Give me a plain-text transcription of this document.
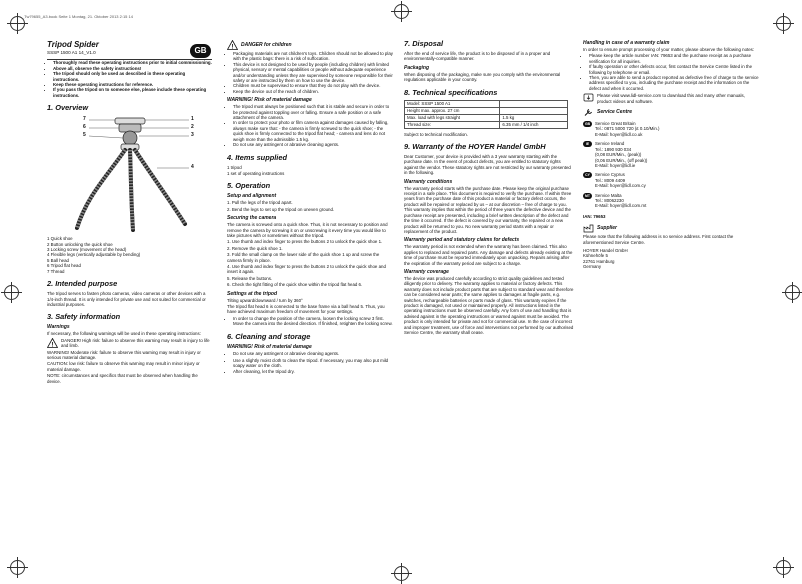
_Tw79655_A3.book Seite 1 Montag, 21. Oktober 2013 2:15 14
GB
Tripod Spider
SSSP 1500 A1 14_V1.0
• Thoroughly read these operating instructions prior to initial commissioning.
• Above all, observe the safety instructions!
• The tripod should only be used as described in these operating instructions.
• Keep these operating instructions for reference.
• If you pass the tripod on to someone else, please include these operating instructions.
1. Overview
7
6
5
1
2
3
4
1 Quick shoe
2 Button unlocking the quick shoe
3 Locking screw (movement of the head)
4 Flexible legs (vertically adjustable by bending)
5 Ball head
6 Tripod flat head
7 Thread
2. Intended purpose

The tripod serves to fasten photo cameras, video cameras or other devices with a 1/4-inch thread. It is only intended for private use and not suited for commercial or industrial purposes.

3. Safety information
Warnings

If necessary, the following warnings will be used in these operating instructions:

!
DANGER! High risk: failure to observe this warning may result in injury to life and limb.

WARNING! Moderate risk: failure to observe this warning may result in injury or serious material damage.

CAUTION: low risk: failure to observe this warning may result in minor injury or material damage.

NOTE: circumstances and specifics that must be observed when handling the device.

! DANGER for children
• Packaging materials are not children's toys. Children should not be allowed to play with the plastic bags: there is a risk of suffocation.
• This device is not designed to be used by people (including children) with limited physical, sensory or mental capabilities or people without adequate experience and/or understanding unless they are supervised by someone responsible for their safety or are instructed by them on how to use the device.
• Children must be supervised to ensure that they do not play with the device.
• Keep the device out of the reach of children.
WARNING! Risk of material damage
• The tripod must always be positioned such that it is stable and secure in order to be protected against toppling over or falling. Ensure a safe position or a safe attachment of the camera.
• In order to protect your photo or film camera against damages caused by falling, always make sure that: - the camera is firmly screwed to the quick shoe; - the quick shoe is firmly connected to the tripod flat head; - camera and lens do not weigh more than the admissible 1.5 kg.
• Do not use any astringent or abrasive cleaning agents.
4. Items supplied

1 tripod

1 set of operating instructions

5. Operation
Setup and alignment

1. Pull the legs of the tripod apart.

2. Bend the legs to set up the tripod on uneven ground.

Securing the camera

The camera is screwed onto a quick shoe. Thus, it is not necessary to position and remove the camera by screwing it on or unscrewing it every time you would like to take pictures with or sometimes without the tripod.

1. Use thumb and index finger to press the buttons 2 to unlock the quick shoe 1.

2. Remove the quick shoe 1.

3. Fold the small clamp on the lower side of the quick shoe 1 up and screw the camera firmly in place.

4. Use thumb and index finger to press the buttons 2 to unlock the quick shoe and insert it again.

5. Release the buttons.

6. Check the tight fitting of the quick shoe within the tripod flat head 6.

Settings at the tripod

Tilting upward/downward / turn by 360°

The tripod flat head 6 is connected to the base frame via a ball head 5. Thus, you have achieved maximum freedom of movement for your settings.

• In order to change the position of the camera, loosen the locking screw 3 first. Move the camera into the desired direction. If finished, retighten the locking screw.
6. Cleaning and storage
WARNING! Risk of material damage
• Do not use any astringent or abrasive cleaning agents.
• Use a slightly moist cloth to clean the tripod. If necessary, you may also put mild soapy water on the cloth.
• After cleaning, let the tripod dry.
7. Disposal

After the end of service life, the product is to be disposed of in a proper and environmentally-compatible manner.

Packaging

When disposing of the packaging, make sure you comply with the environmental regulations applicable in your country.

8. Technical specifications
Model: SSSP 1500 A1	
Height max. approx. 27 cm	
Max. load with legs straight	1.5 kg
Thread size:	6.35 mm / 1/4 inch

Subject to technical modification.

9. Warranty of the HOYER Handel GmbH

Dear Customer, your device is provided with a 3 year warranty starting with the purchase date. In the event of product defects, you are entitled to statutory rights against the vendor. These statutory rights are not restricted by our warranty presented in the following.

Warranty conditions

The warranty period starts with the purchase date. Please keep the original purchase receipt in a safe place. This document is required to verify the purchase. If within three years from the purchase date of this product a material or factory defect occurs, the product will be repaired or replaced by us – at our discretion – free of charge to you. This warranty implies that within the period of three years the defective device and the purchase receipt are presented, including a brief written description of the defect and the time it occurred. If the defect is covered by our warranty, the repaired or a new product will be returned to you. No new warranty period starts with a repair or replacement of the product.

Warranty period and statutory claims for defects

The warranty period is not extended when the warranty has been claimed. This also applies to replaced and repaired parts. Any damage and defects already existing at the time of purchase must be reported immediately upon unpacking. Repairs arising after the expiration of the warranty period are subject to a charge.

Warranty coverage

The device was produced carefully according to strict quality guidelines and tested diligently prior to delivery. The warranty applies to material or factory defects. This warranty does not include product parts that are subject to standard wear and therefore can be considered wear parts; the same applies to damages at fragile parts, e.g. switches, rechargeable batteries or parts made of glass. This warranty expires if the product is damaged, not used or maintained properly. All instructions listed in the operating instructions must be observed carefully. Any form of use and handling that is advised against in the operating instructions or warned against must be avoided. The product is only intended for private and not for commercial use. In the case of incorrect and improper treatment, use of force and interventions not performed by our authorised Service Centre, the warranty shall cease.

Handling in case of a warranty claim

In order to ensure prompt processing of your matter, please observe the following notes:

• Please keep the article number IAN: 79653 and the purchase receipt as a purchase verification for all inquiries.
• If faulty operation or other defects occur, first contact the Service Centre listed in the following by telephone or email.
• Then, you are able to send a product reported as defective free of charge to the service address specified to you, including the purchase receipt and the information on the defect and when it occurred.
Please visit www.lidl-service.com to download this and many other manuals, product videos and software.
Service Centre
GB	Service Great Britain
Tel.: 0871 5000 720 (£ 0.10/Min.)
E-Mail: hoyer@lidl.co.uk
IE	Service Ireland
Tel.: 1890 930 034
(0,08 EUR/Min., (peak))
(0,06 EUR/Min., (off peak))
E-Mail: hoyer@lidl.ie
CY	Service Cyprus
Tel.: 8009 4409
E-Mail: hoyer@lidl.com.cy
MT	Service Malta
Tel.: 80062230
E-Mail: hoyer@lidl.com.mt

IAN: 79653

Supplier

Please note that the following address is no service address. First contact the aforementioned Service Centre.

HOYER Handel GmbH
Kühnehöfe 5
22761 Hamburg
Germany
